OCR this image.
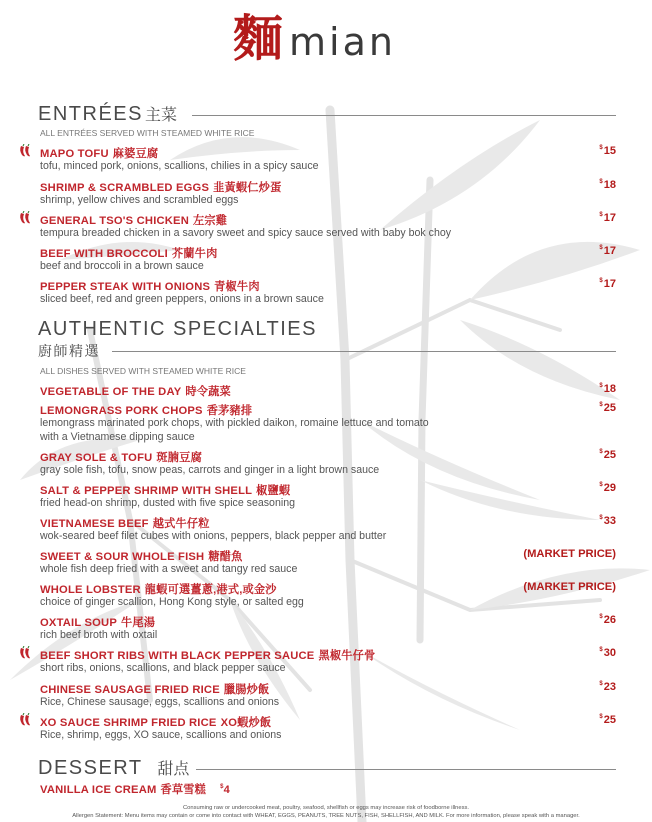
麵 mian
ENTRÉES 主菜
ALL ENTRÉES SERVED WITH STEAMED WHITE RICE
MAPO TOFU 麻婆豆腐
tofu, minced pork, onions, scallions, chilies in a spicy sauce
$15
SHRIMP & SCRAMBLED EGGS 韭黃蝦仁炒蛋
shrimp, yellow chives and scrambled eggs
$18
GENERAL TSO'S CHICKEN 左宗雞
tempura breaded chicken in a savory sweet and spicy sauce served with baby bok choy
$17
BEEF WITH BROCCOLI 芥蘭牛肉
beef and broccoli in a brown sauce
$17
PEPPER STEAK WITH ONIONS 青椒牛肉
sliced beef, red and green peppers, onions in a brown sauce
$17
AUTHENTIC SPECIALTIES
廚師精選
ALL DISHES SERVED WITH STEAMED WHITE RICE
VEGETABLE OF THE DAY 時令蔬菜	$18
LEMONGRASS PORK CHOPS 香茅豬排
lemongrass marinated pork chops, with pickled daikon, romaine lettuce and tomato
with a Vietnamese dipping sauce
$25
GRAY SOLE & TOFU 斑腩豆腐
gray sole fish, tofu, snow peas, carrots and ginger in a light brown sauce
$25
SALT & PEPPER SHRIMP WITH SHELL 椒鹽蝦
fried head-on shrimp, dusted with five spice seasoning
$29
VIETNAMESE BEEF 越式牛仔粒
wok-seared beef filet cubes with onions, peppers, black pepper and butter
$33
SWEET & SOUR WHOLE FISH 糖醋魚
whole fish deep fried with a sweet and tangy red sauce
(MARKET PRICE)
WHOLE LOBSTER 龍蝦可選薑蔥,港式,或金沙
choice of ginger scallion, Hong Kong style, or salted egg
(MARKET PRICE)
OXTAIL SOUP 牛尾湯
rich beef broth with oxtail
$26
BEEF SHORT RIBS WITH BLACK PEPPER SAUCE 黑椒牛仔骨
short ribs, onions, scallions, and black pepper sauce
$30
CHINESE SAUSAGE FRIED RICE 臘腸炒飯
Rice, Chinese sausage, eggs, scallions and onions
$23
XO SAUCE SHRIMP FRIED RICE XO蝦炒飯
Rice, shrimp, eggs, XO sauce, scallions and onions
$25
DESSERT 甜点
VANILLA ICE CREAM 香草雪糕 $4
Consuming raw or undercooked meat, poultry, seafood, shellfish or eggs may increase risk of foodborne illness.
Allergen Statement: Menu items may contain or come into contact with WHEAT, EGGS, PEANUTS, TREE NUTS, FISH, SHELLFISH, AND MILK. For more information, please speak with a manager.
